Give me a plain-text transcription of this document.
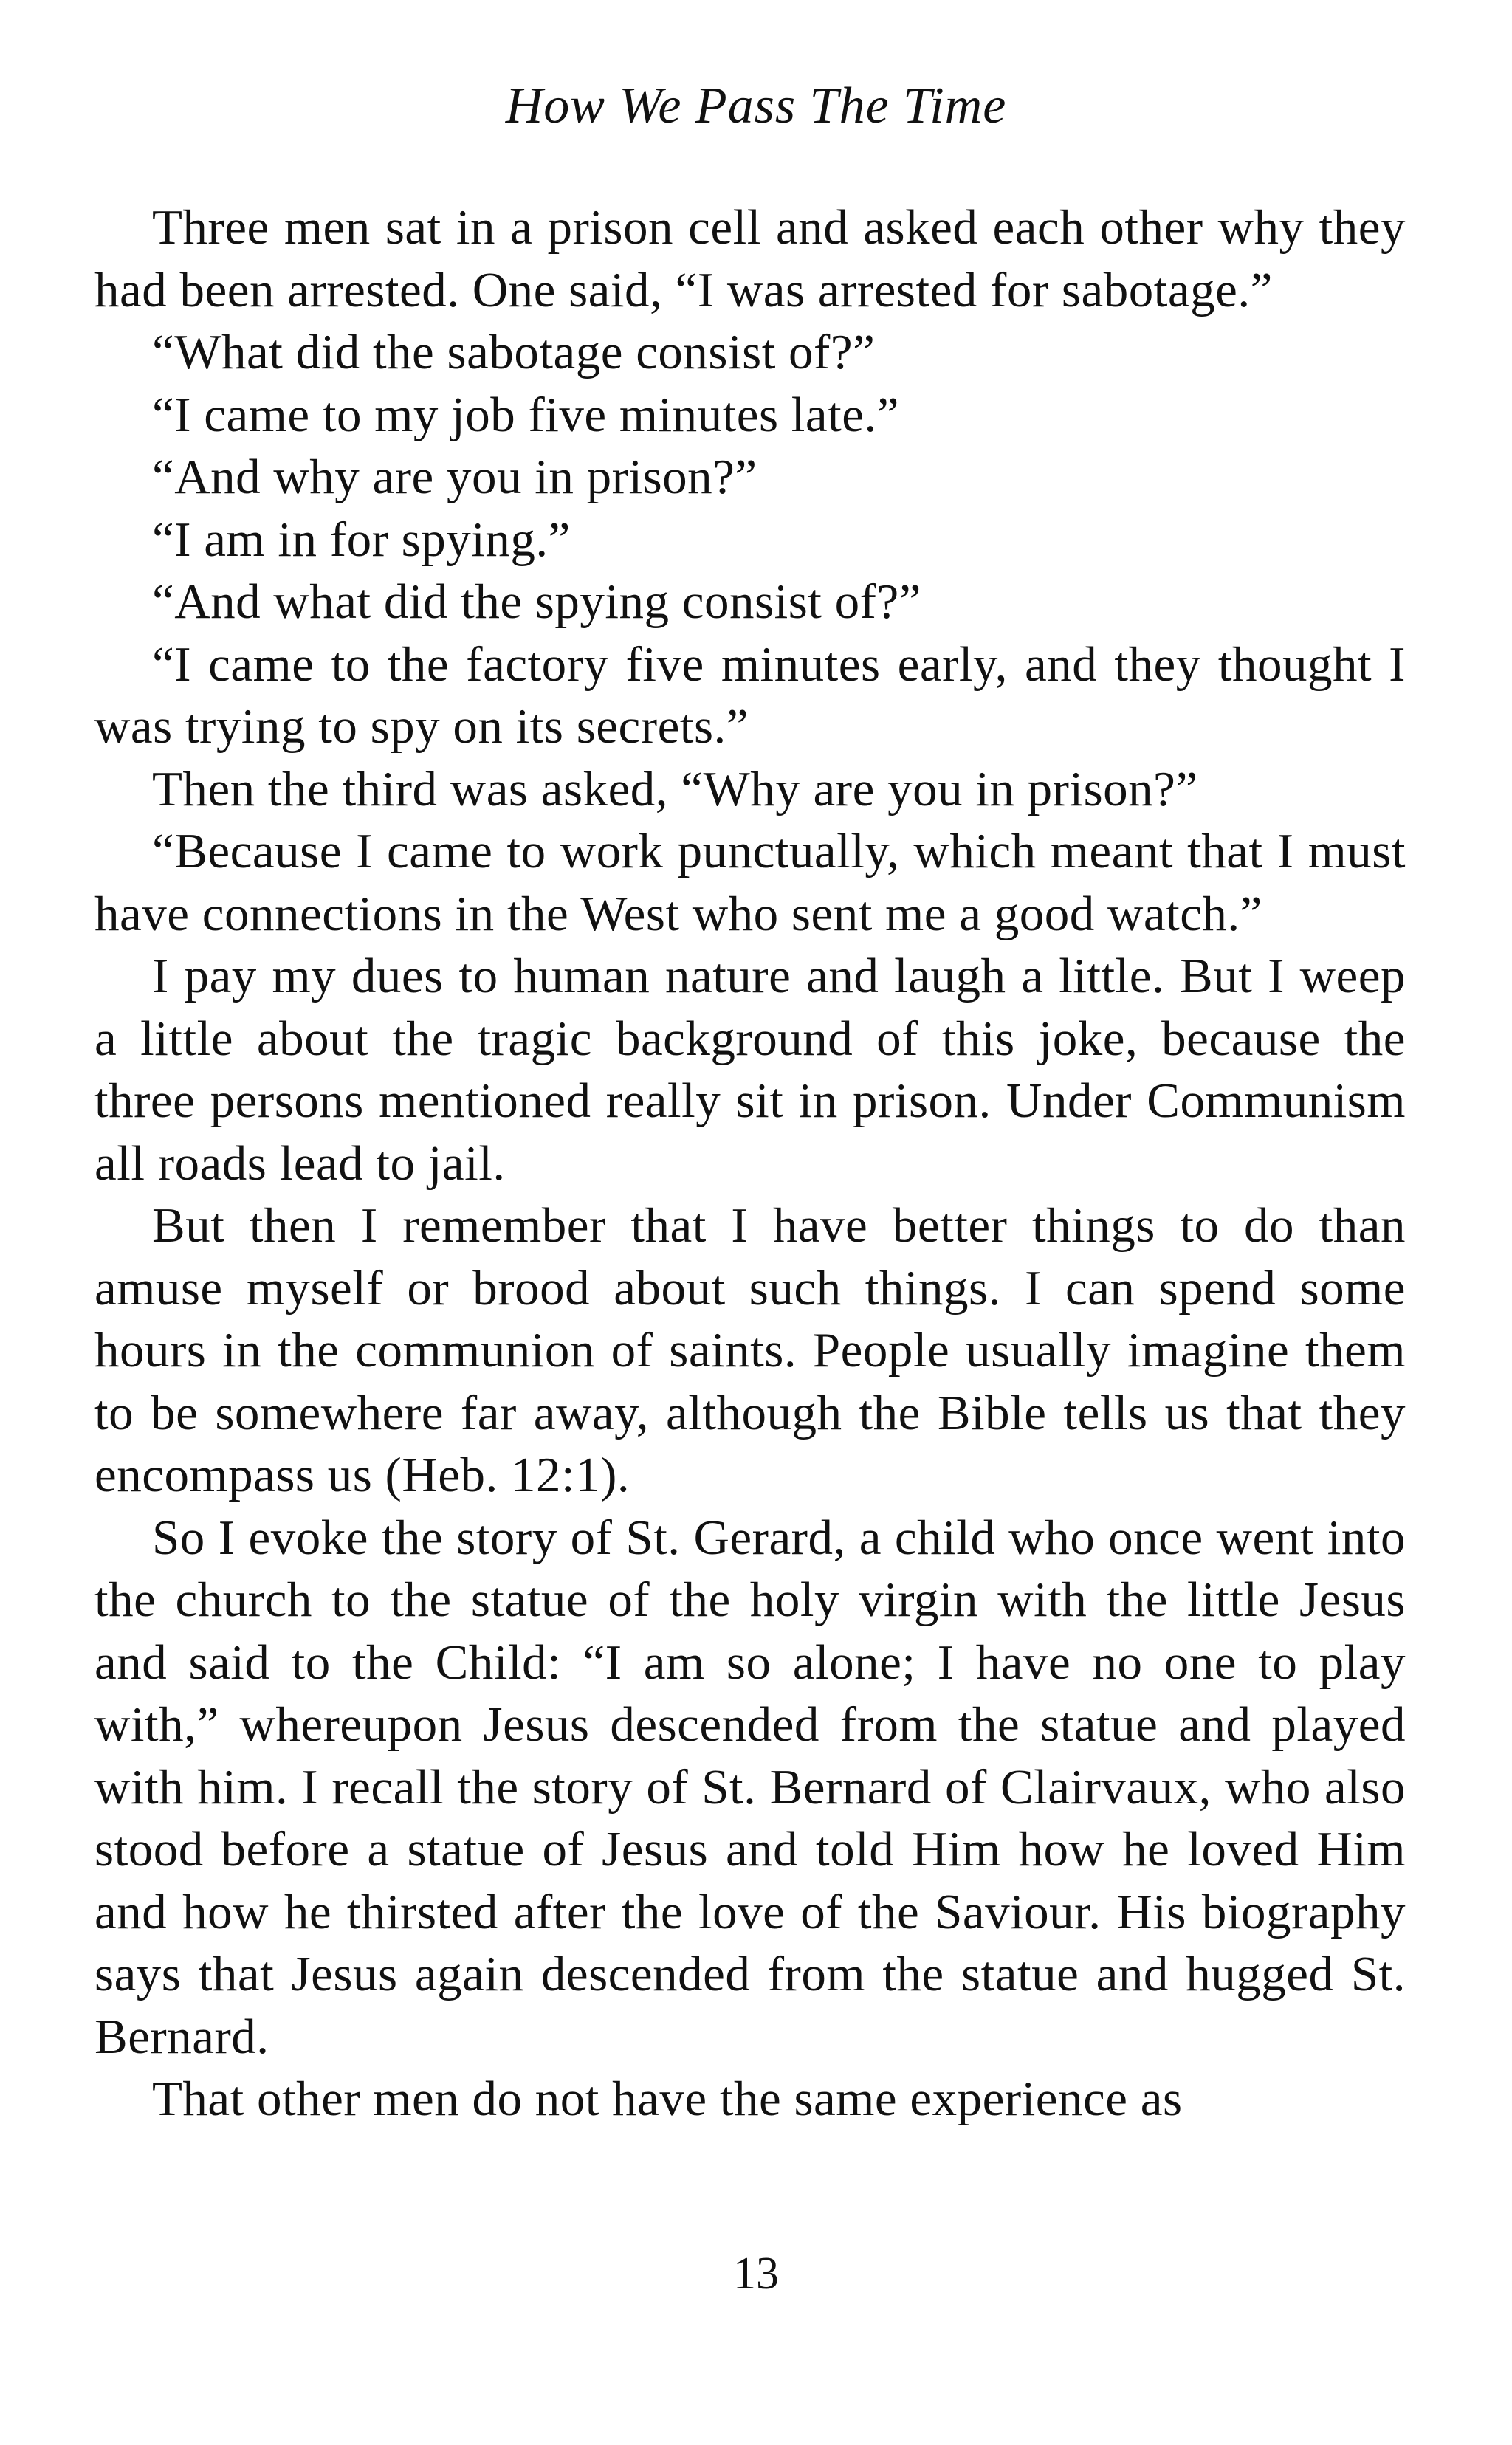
How We Pass The Time

Three men sat in a prison cell and asked each other why they had been arrested. One said, “I was arrested for sabotage.”

“What did the sabotage consist of?”

“I came to my job five minutes late.”

“And why are you in prison?”

“I am in for spying.”

“And what did the spying consist of?”

“I came to the factory five minutes early, and they thought I was trying to spy on its secrets.”

Then the third was asked, “Why are you in prison?”

“Because I came to work punctually, which meant that I must have connections in the West who sent me a good watch.”

I pay my dues to human nature and laugh a little. But I weep a little about the tragic background of this joke, because the three persons mentioned really sit in prison. Under Communism all roads lead to jail.

But then I remember that I have better things to do than amuse myself or brood about such things. I can spend some hours in the communion of saints. People usually imagine them to be somewhere far away, although the Bible tells us that they encompass us (Heb. 12:1).

So I evoke the story of St. Gerard, a child who once went into the church to the statue of the holy virgin with the little Jesus and said to the Child: “I am so alone; I have no one to play with,” whereupon Jesus descended from the statue and played with him. I recall the story of St. Bernard of Clairvaux, who also stood before a statue of Jesus and told Him how he loved Him and how he thirsted after the love of the Saviour. His biography says that Jesus again descended from the statue and hugged St. Bernard.

That other men do not have the same experience as

13
